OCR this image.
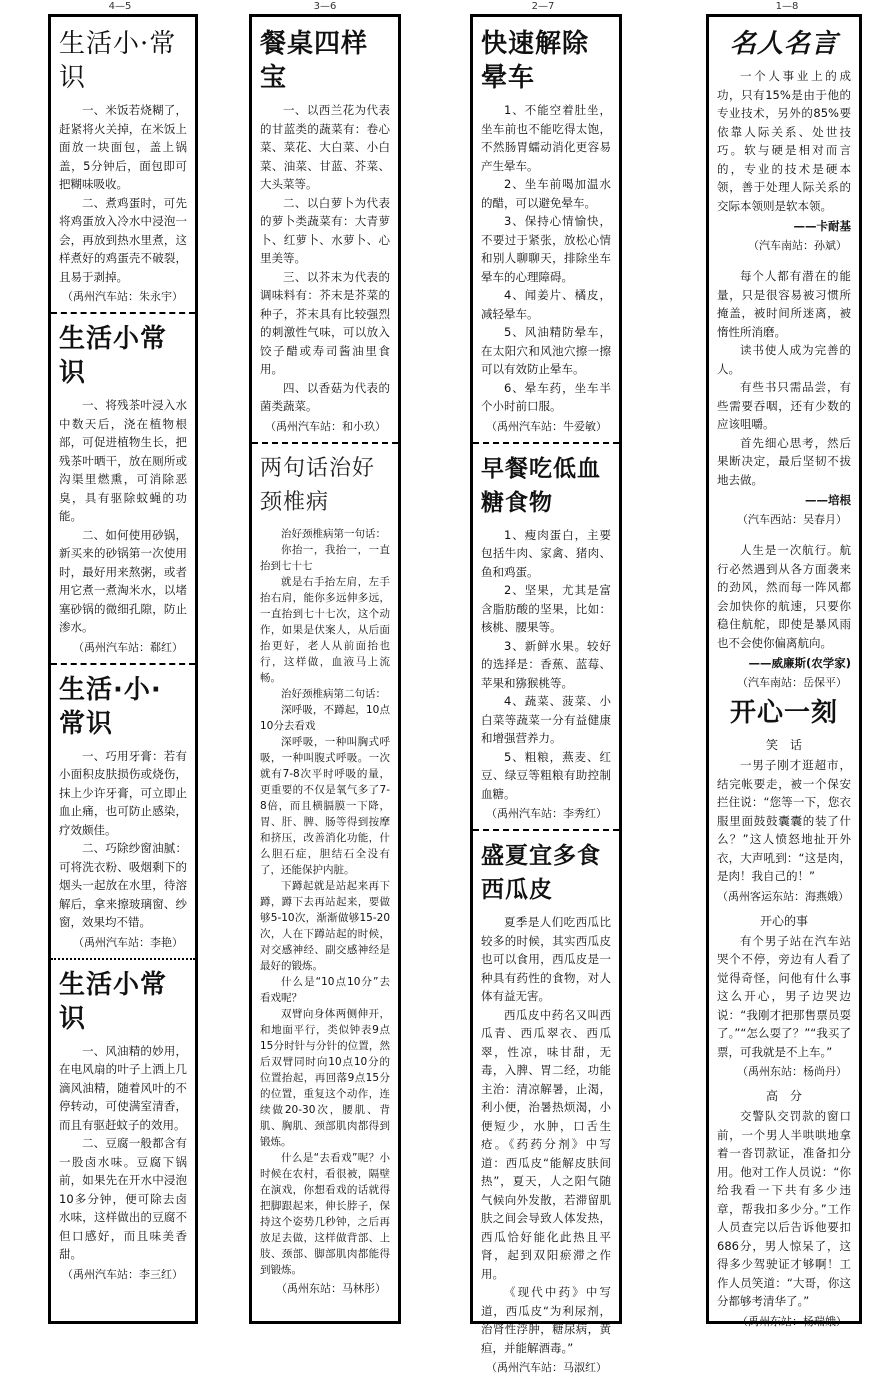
4—5	3—6	2—7	1—8
生活小·常识

一、米饭若烧糊了，赶紧将火关掉，在米饭上面放一块面包，盖上锅盖，5分钟后，面包即可把糊味吸收。

二、煮鸡蛋时，可先将鸡蛋放入冷水中浸泡一会，再放到热水里煮，这样煮好的鸡蛋壳不破裂，且易于剥掉。

（禹州汽车站：朱永宇）
生活小常识

一、将残茶叶浸入水中数天后，浇在植物根部，可促进植物生长，把残茶叶晒干，放在厕所或沟渠里燃熏，可消除恶臭，具有驱除蚊蝇的功能。

二、如何使用砂锅，新买来的砂锅第一次使用时，最好用来熬粥，或者用它煮一煮淘米水，以堵塞砂锅的微细孔隙，防止渗水。

（禹州汽车站：郗红）
生活·小·常识

一、巧用牙膏：若有小面积皮肤损伤或烧伤，抹上少许牙膏，可立即止血止痛，也可防止感染，疗效颇佳。

二、巧除纱窗油腻：可将洗衣粉、吸烟剩下的烟头一起放在水里，待溶解后，拿来擦玻璃窗、纱窗，效果均不错。

（禹州汽车站：李艳）
生活小常识

一、风油精的妙用，在电风扇的叶子上洒上几滴风油精，随着风叶的不停转动，可使满室清香，而且有驱赶蚊子的效用。

二、豆腐一般都含有一股卤水味。豆腐下锅前，如果先在开水中浸泡10多分钟，便可除去卤水味，这样做出的豆腐不但口感好，而且味美香甜。

（禹州汽车站：李三红）
餐桌四样宝

一、以西兰花为代表的甘蓝类的蔬菜有：卷心菜、菜花、大白菜、小白菜、油菜、甘蓝、芥菜、大头菜等。

二、以白萝卜为代表的萝卜类蔬菜有：大青萝卜、红萝卜、水萝卜、心里美等。

三、以芥末为代表的调味料有：芥末是芥菜的种子，芥末具有比较强烈的刺激性气味，可以放入饺子醋或寿司酱油里食用。

四、以香菇为代表的菌类蔬菜。

（禹州汽车站：和小玖）
两句话治好颈椎病

治好颈椎病第一句话：

你抬一，我抬一，一直抬到七十七

就是右手抬左肩，左手抬右肩，能你多远伸多远，一直抬到七十七次，这个动作，如果是伏案人，从后面抬更好，老人从前面抬也行，这样做，血液马上流畅。

治好颈椎病第二句话：

深呼吸，不蹲起，10点10分去看戏

深呼吸，一种叫胸式呼吸，一种叫腹式呼吸。一次就有7-8次平时呼吸的量，更重要的不仅是氧气多了7-8倍，而且横膈膜一下降，胃、肝、脾、肠等得到按摩和挤压，改善消化功能，什么胆石症，胆结石全没有了，还能保护内脏。

下蹲起就是站起来再下蹲，蹲下去再站起来，要做够5-10次，渐渐做够15-20次，人在下蹲站起的时候，对交感神经、副交感神经是最好的锻炼。

什么是“10点10分”去看戏呢？

双臂向身体两侧伸开，和地面平行，类似钟表9点15分时针与分针的位置，然后双臂同时向10点10分的位置抬起，再回落9点15分的位置，重复这个动作，连续做20-30次，腰肌、背肌、胸肌、颈部肌肉都得到锻炼。

什么是“去看戏”呢？小时候在农村，看很被，隔壁在演戏，你想看戏的话就得把脚跟起来，伸长脖子，保持这个姿势几秒钟，之后再放足去做，这样做背部、上肢、颈部、脚部肌肉都能得到锻炼。

（禹州东站：马林彤）
快速解除晕车

1、不能空着肚坐，坐车前也不能吃得太饱，不然肠胃蠕动消化更容易产生晕车。

2、坐车前喝加温水的醋，可以避免晕车。

3、保持心情愉快，不要过于紧张，放松心情和别人聊聊天，排除坐车晕车的心理障碍。

4、闻姜片、橘皮，减轻晕车。

5、风油精防晕车，在太阳穴和风池穴擦一擦可以有效防止晕车。

6、晕车药，坐车半个小时前口服。

（禹州汽车站：牛爱敏）
早餐吃低血糖食物

1、瘦肉蛋白，主要包括牛肉、家禽、猪肉、鱼和鸡蛋。

2、坚果，尤其是富含脂肪酸的坚果，比如：核桃、腰果等。

3、新鲜水果。较好的选择是：香蕉、蓝莓、苹果和猕猴桃等。

4、蔬菜、菠菜、小白菜等蔬菜一分有益健康和增强营养力。

5、粗粮，燕麦、红豆、绿豆等粗粮有助控制血糖。

（禹州汽车站：李秀红）
盛夏宜多食西瓜皮

夏季是人们吃西瓜比较多的时候，其实西瓜皮也可以食用，西瓜皮是一种具有药性的食物，对人体有益无害。

西瓜皮中药名又叫西瓜青、西瓜翠衣、西瓜翠，性凉，味甘甜，无毒，入脾、胃二经，功能主治：清凉解暑，止渴，利小便，治暑热烦渴，小便短少，水肿，口舌生疮。《药药分剂》中写道：西瓜皮“能解皮肤间热”，夏天，人之阳气随气候向外发散，若滞留肌肤之间会导致人体发热，西瓜恰好能化此热且平肾，起到双阳瘀滞之作用。

《现代中药》中写道，西瓜皮“为利尿剂，治肾性浮肿，糖尿病，黄疸，并能解酒毒。”

（禹州汽车站：马淑红）
名人名言

一个人事业上的成功，只有15%是由于他的专业技术，另外的85%要依靠人际关系、处世技巧。软与硬是相对而言的，专业的技术是硬本领，善于处理人际关系的交际本领则是软本领。

——卡耐基
（汽车南站：孙斌）

每个人都有潜在的能量，只是很容易被习惯所掩盖，被时间所迷离，被惰性所消磨。

读书使人成为完善的人。

有些书只需品尝，有些需要吞咽，还有少数的应该咀嚼。

首先细心思考，然后果断决定，最后坚韧不拔地去做。

——培根
（汽车西站：吴春月）

人生是一次航行。航行必然遇到从各方面袭来的劲风，然而每一阵风都会加快你的航速，只要你稳住航舵，即使是暴风雨也不会使你偏离航向。

——威廉斯(农学家)
（汽车南站：岳保平）
开心一刻
笑　话

一男子刚才逛超市，结完帐要走，被一个保安拦住说：“您等一下，您衣服里面鼓鼓囊囊的装了什么？”这人愤怒地扯开外衣，大声吼到：“这是肉，是肉！我自己的！”

（禹州客运东站：海燕娥）
开心的事

有个男子站在汽车站哭个不停，旁边有人看了觉得奇怪，问他有什么事这么开心，男子边哭边说：“我刚才把那售票员耍了。”“怎么耍了？”“我买了票，可我就是不上车。”

（禹州东站：杨尚丹）
高　分

交警队交罚款的窗口前，一个男人半哄哄地拿着一沓罚款证，准备扣分用。他对工作人员说：“你给我看一下共有多少违章，帮我扣多少分。”工作人员查完以后告诉他要扣686分，男人惊呆了，这得多少驾驶证才够啊！工作人员笑道：“大哥，你这分都够考清华了。”

（禹州东站：杨瑞娥）
